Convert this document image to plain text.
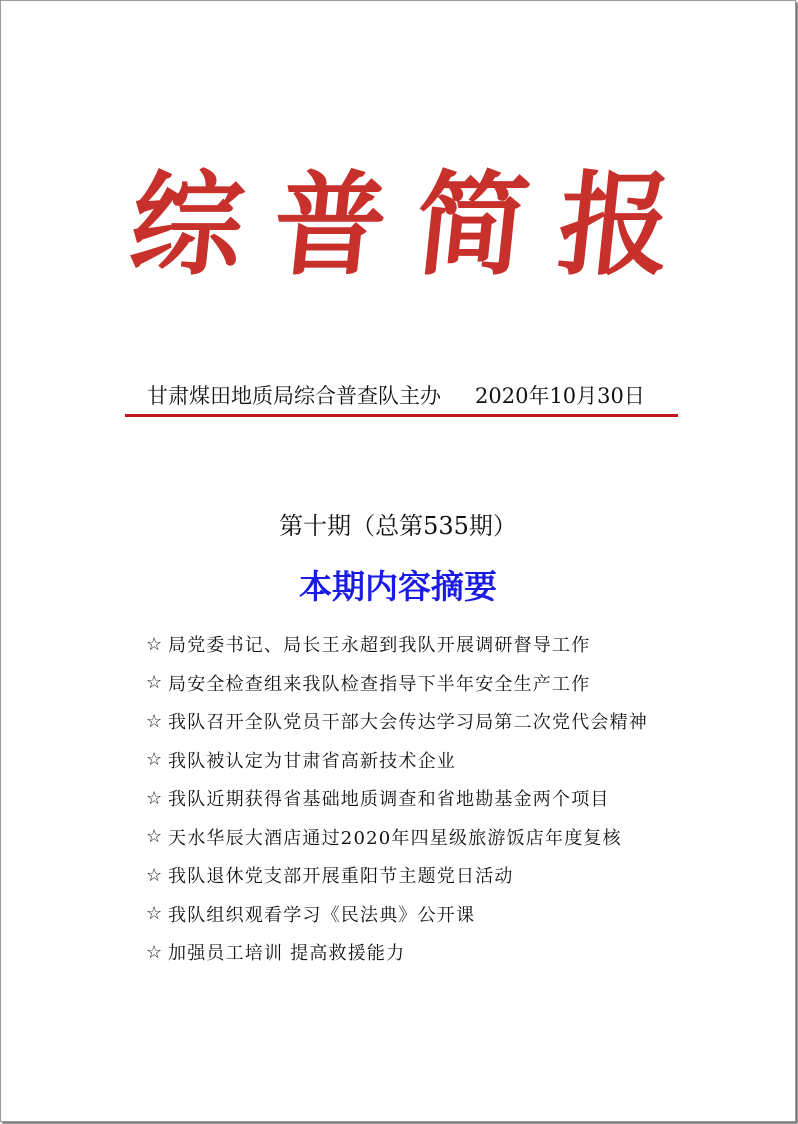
综 普 简 报
甘肃煤田地质局综合普查队主办 2020年10月30日
第十期（总第535期）
本期内容摘要
☆ 局党委书记、局长王永超到我队开展调研督导工作
☆ 局安全检查组来我队检查指导下半年安全生产工作
☆ 我队召开全队党员干部大会传达学习局第二次党代会精神
☆ 我队被认定为甘肃省高新技术企业
☆ 我队近期获得省基础地质调查和省地勘基金两个项目
☆ 天水华辰大酒店通过2020年四星级旅游饭店年度复核
☆ 我队退休党支部开展重阳节主题党日活动
☆ 我队组织观看学习《民法典》公开课
☆ 加强员工培训 提高救援能力
